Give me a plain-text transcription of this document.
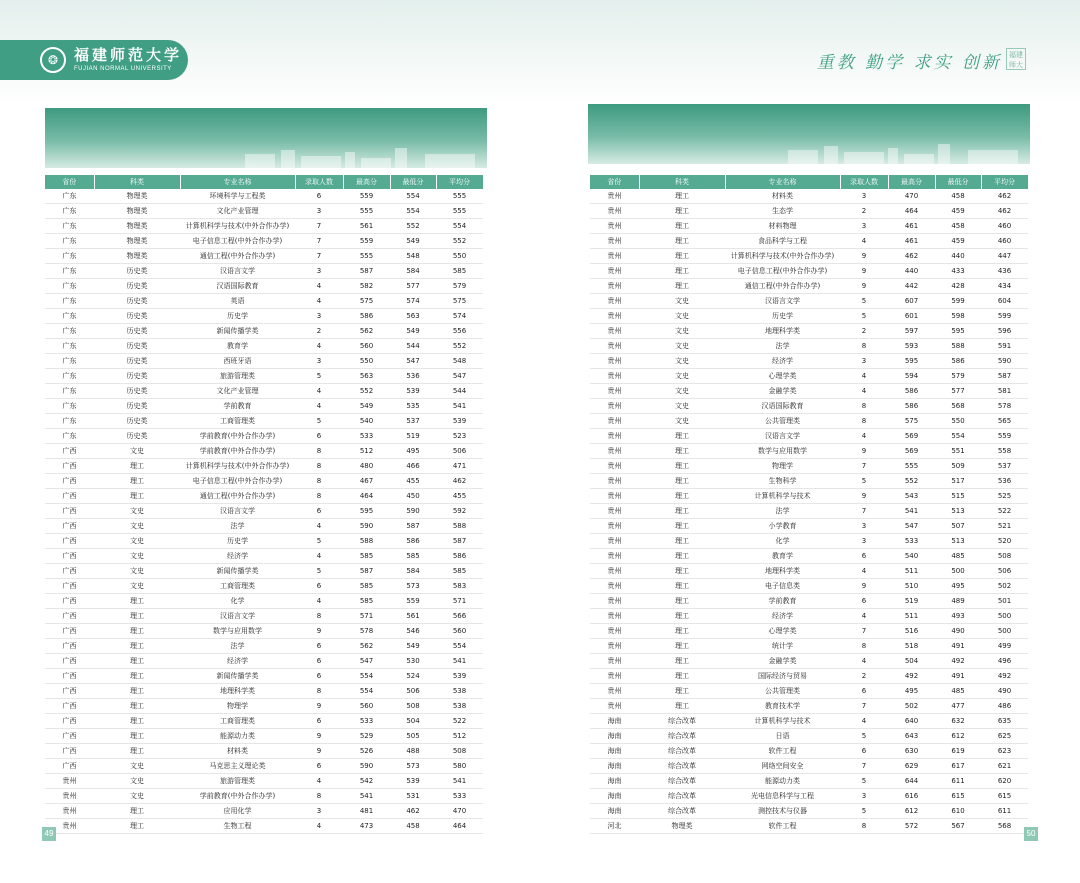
❂	福建师范大学
FUJIAN NORMAL UNIVERSITY	重教 勤学 求实 创新	福建师大
省份	科类	专业名称	录取人数	最高分	最低分	平均分
广东	物理类	环境科学与工程类	6	559	554	555
广东	物理类	文化产业管理	3	555	554	555
广东	物理类	计算机科学与技术(中外合作办学)	7	561	552	554
广东	物理类	电子信息工程(中外合作办学)	7	559	549	552
广东	物理类	通信工程(中外合作办学)	7	555	548	550
广东	历史类	汉语言文学	3	587	584	585
广东	历史类	汉语国际教育	4	582	577	579
广东	历史类	英语	4	575	574	575
广东	历史类	历史学	3	586	563	574
广东	历史类	新闻传播学类	2	562	549	556
广东	历史类	教育学	4	560	544	552
广东	历史类	西班牙语	3	550	547	548
广东	历史类	旅游管理类	5	563	536	547
广东	历史类	文化产业管理	4	552	539	544
广东	历史类	学前教育	4	549	535	541
广东	历史类	工商管理类	5	540	537	539
广东	历史类	学前教育(中外合作办学)	6	533	519	523
广西	文史	学前教育(中外合作办学)	8	512	495	506
广西	理工	计算机科学与技术(中外合作办学)	8	480	466	471
广西	理工	电子信息工程(中外合作办学)	8	467	455	462
广西	理工	通信工程(中外合作办学)	8	464	450	455
广西	文史	汉语言文学	6	595	590	592
广西	文史	法学	4	590	587	588
广西	文史	历史学	5	588	586	587
广西	文史	经济学	4	585	585	586
广西	文史	新闻传播学类	5	587	584	585
广西	文史	工商管理类	6	585	573	583
广西	理工	化学	4	585	559	571
广西	理工	汉语言文学	8	571	561	566
广西	理工	数学与应用数学	9	578	546	560
广西	理工	法学	6	562	549	554
广西	理工	经济学	6	547	530	541
广西	理工	新闻传播学类	6	554	524	539
广西	理工	地理科学类	8	554	506	538
广西	理工	物理学	9	560	508	538
广西	理工	工商管理类	6	533	504	522
广西	理工	能源动力类	9	529	505	512
广西	理工	材料类	9	526	488	508
广西	文史	马克思主义理论类	6	590	573	580
贵州	文史	旅游管理类	4	542	539	541
贵州	文史	学前教育(中外合作办学)	8	541	531	533
贵州	理工	应用化学	3	481	462	470
贵州	理工	生物工程	4	473	458	464
省份	科类	专业名称	录取人数	最高分	最低分	平均分
贵州	理工	材料类	3	470	458	462
贵州	理工	生态学	2	464	459	462
贵州	理工	材料物理	3	461	458	460
贵州	理工	食品科学与工程	4	461	459	460
贵州	理工	计算机科学与技术(中外合作办学)	9	462	440	447
贵州	理工	电子信息工程(中外合作办学)	9	440	433	436
贵州	理工	通信工程(中外合作办学)	9	442	428	434
贵州	文史	汉语言文学	5	607	599	604
贵州	文史	历史学	5	601	598	599
贵州	文史	地理科学类	2	597	595	596
贵州	文史	法学	8	593	588	591
贵州	文史	经济学	3	595	586	590
贵州	文史	心理学类	4	594	579	587
贵州	文史	金融学类	4	586	577	581
贵州	文史	汉语国际教育	8	586	568	578
贵州	文史	公共管理类	8	575	550	565
贵州	理工	汉语言文学	4	569	554	559
贵州	理工	数学与应用数学	9	569	551	558
贵州	理工	物理学	7	555	509	537
贵州	理工	生物科学	5	552	517	536
贵州	理工	计算机科学与技术	9	543	515	525
贵州	理工	法学	7	541	513	522
贵州	理工	小学教育	3	547	507	521
贵州	理工	化学	3	533	513	520
贵州	理工	教育学	6	540	485	508
贵州	理工	地理科学类	4	511	500	506
贵州	理工	电子信息类	9	510	495	502
贵州	理工	学前教育	6	519	489	501
贵州	理工	经济学	4	511	493	500
贵州	理工	心理学类	7	516	490	500
贵州	理工	统计学	8	518	491	499
贵州	理工	金融学类	4	504	492	496
贵州	理工	国际经济与贸易	2	492	491	492
贵州	理工	公共管理类	6	495	485	490
贵州	理工	教育技术学	7	502	477	486
海南	综合改革	计算机科学与技术	4	640	632	635
海南	综合改革	日语	5	643	612	625
海南	综合改革	软件工程	6	630	619	623
海南	综合改革	网络空间安全	7	629	617	621
海南	综合改革	能源动力类	5	644	611	620
海南	综合改革	光电信息科学与工程	3	616	615	615
海南	综合改革	测控技术与仪器	5	612	610	611
河北	物理类	软件工程	8	572	567	568
49	50
